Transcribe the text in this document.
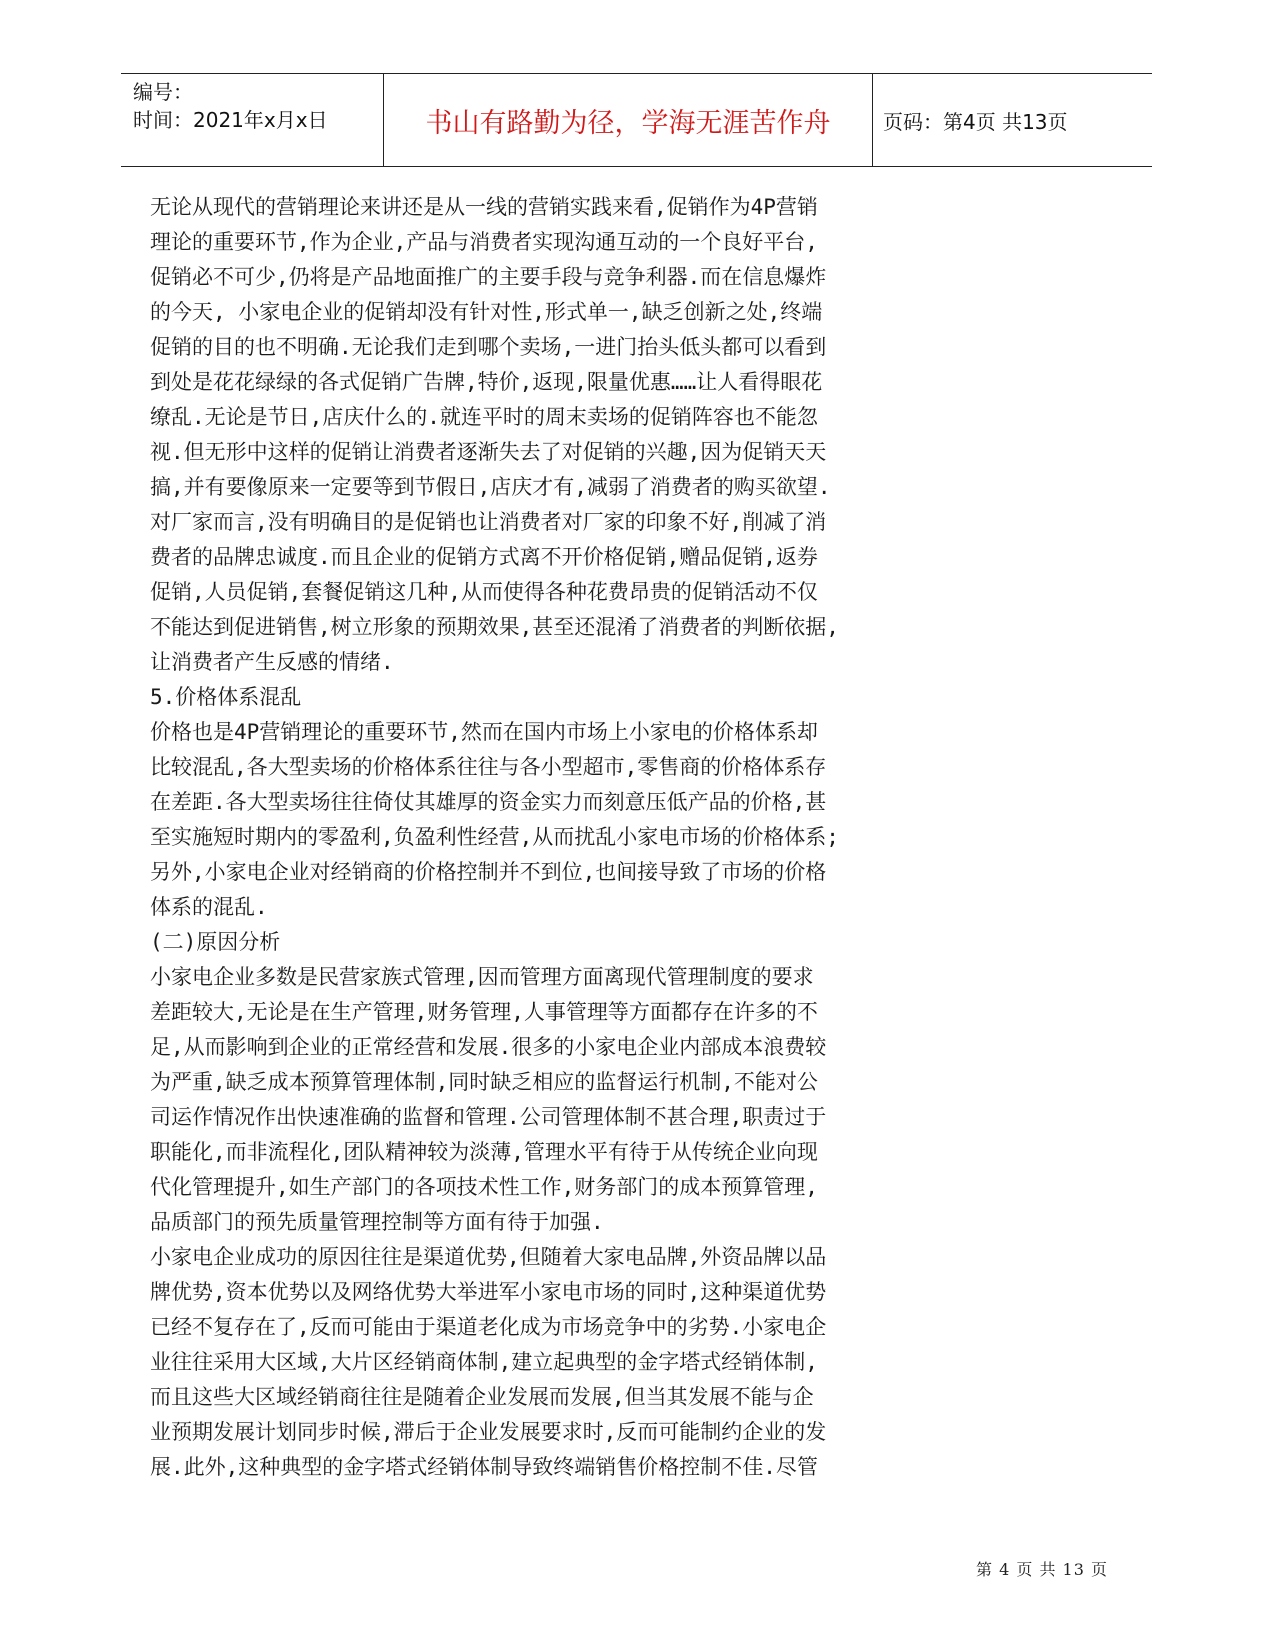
编号：
时间：2021年x月x日	书山有路勤为径，学海无涯苦作舟	页码：第4页 共13页
无论从现代的营销理论来讲还是从一线的营销实践来看,促销作为4P营销
理论的重要环节,作为企业,产品与消费者实现沟通互动的一个良好平台,
促销必不可少,仍将是产品地面推广的主要手段与竞争利器.而在信息爆炸
的今天, 小家电企业的促销却没有针对性,形式单一,缺乏创新之处,终端
促销的目的也不明确.无论我们走到哪个卖场,一进门抬头低头都可以看到
到处是花花绿绿的各式促销广告牌,特价,返现,限量优惠……让人看得眼花
缭乱.无论是节日,店庆什么的.就连平时的周末卖场的促销阵容也不能忽
视.但无形中这样的促销让消费者逐渐失去了对促销的兴趣,因为促销天天
搞,并有要像原来一定要等到节假日,店庆才有,减弱了消费者的购买欲望.
对厂家而言,没有明确目的是促销也让消费者对厂家的印象不好,削减了消
费者的品牌忠诚度.而且企业的促销方式离不开价格促销,赠品促销,返券
促销,人员促销,套餐促销这几种,从而使得各种花费昂贵的促销活动不仅
不能达到促进销售,树立形象的预期效果,甚至还混淆了消费者的判断依据,
让消费者产生反感的情绪.
5.价格体系混乱
价格也是4P营销理论的重要环节,然而在国内市场上小家电的价格体系却
比较混乱,各大型卖场的价格体系往往与各小型超市,零售商的价格体系存
在差距.各大型卖场往往倚仗其雄厚的资金实力而刻意压低产品的价格,甚
至实施短时期内的零盈利,负盈利性经营,从而扰乱小家电市场的价格体系;
另外,小家电企业对经销商的价格控制并不到位,也间接导致了市场的价格
体系的混乱.
(二)原因分析
小家电企业多数是民营家族式管理,因而管理方面离现代管理制度的要求
差距较大,无论是在生产管理,财务管理,人事管理等方面都存在许多的不
足,从而影响到企业的正常经营和发展.很多的小家电企业内部成本浪费较
为严重,缺乏成本预算管理体制,同时缺乏相应的监督运行机制,不能对公
司运作情况作出快速准确的监督和管理.公司管理体制不甚合理,职责过于
职能化,而非流程化,团队精神较为淡薄,管理水平有待于从传统企业向现
代化管理提升,如生产部门的各项技术性工作,财务部门的成本预算管理,
品质部门的预先质量管理控制等方面有待于加强.
小家电企业成功的原因往往是渠道优势,但随着大家电品牌,外资品牌以品
牌优势,资本优势以及网络优势大举进军小家电市场的同时,这种渠道优势
已经不复存在了,反而可能由于渠道老化成为市场竞争中的劣势.小家电企
业往往采用大区域,大片区经销商体制,建立起典型的金字塔式经销体制,
而且这些大区域经销商往往是随着企业发展而发展,但当其发展不能与企
业预期发展计划同步时候,滞后于企业发展要求时,反而可能制约企业的发
展.此外,这种典型的金字塔式经销体制导致终端销售价格控制不佳.尽管
第 4 页 共 13 页
